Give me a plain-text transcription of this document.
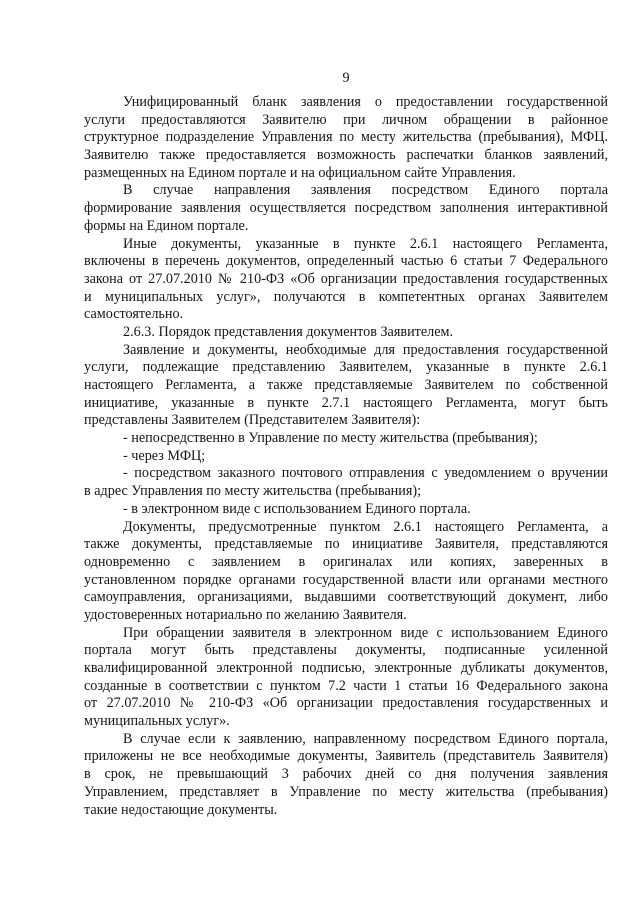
9
Унифицированный бланк заявления о предоставлении государственной
услуги предоставляются Заявителю при личном обращении в районное
структурное подразделение Управления по месту жительства (пребывания), МФЦ.
Заявителю также предоставляется возможность распечатки бланков заявлений,
размещенных на Едином портале и на официальном сайте Управления.
В случае направления заявления посредством Единого портала
формирование заявления осуществляется посредством заполнения интерактивной
формы на Едином портале.
Иные документы, указанные в пункте 2.6.1 настоящего Регламента,
включены в перечень документов, определенный частью 6 статьи 7 Федерального
закона от 27.07.2010 № 210-ФЗ «Об организации предоставления государственных
и муниципальных услуг», получаются в компетентных органах Заявителем
самостоятельно.
2.6.3. Порядок представления документов Заявителем.
Заявление и документы, необходимые для предоставления государственной
услуги, подлежащие представлению Заявителем, указанные в пункте 2.6.1
настоящего Регламента, а также представляемые Заявителем по собственной
инициативе, указанные в пункте 2.7.1 настоящего Регламента, могут быть
представлены Заявителем (Представителем Заявителя):
- непосредственно в Управление по месту жительства (пребывания);
- через МФЦ;
- посредством заказного почтового отправления с уведомлением о вручении
в адрес Управления по месту жительства (пребывания);
- в электронном виде с использованием Единого портала.
Документы, предусмотренные пунктом 2.6.1 настоящего Регламента, а
также документы, представляемые по инициативе Заявителя, представляются
одновременно с заявлением в оригиналах или копиях, заверенных в
установленном порядке органами государственной власти или органами местного
самоуправления, организациями, выдавшими соответствующий документ, либо
удостоверенных нотариально по желанию Заявителя.
При обращении заявителя в электронном виде с использованием Единого
портала могут быть представлены документы, подписанные усиленной
квалифицированной электронной подписью, электронные дубликаты документов,
созданные в соответствии с пунктом 7.2 части 1 статьи 16 Федерального закона
от 27.07.2010 № 210-ФЗ «Об организации предоставления государственных и
муниципальных услуг».
В случае если к заявлению, направленному посредством Единого портала,
приложены не все необходимые документы, Заявитель (представитель Заявителя)
в срок, не превышающий 3 рабочих дней со дня получения заявления
Управлением, представляет в Управление по месту жительства (пребывания)
такие недостающие документы.
